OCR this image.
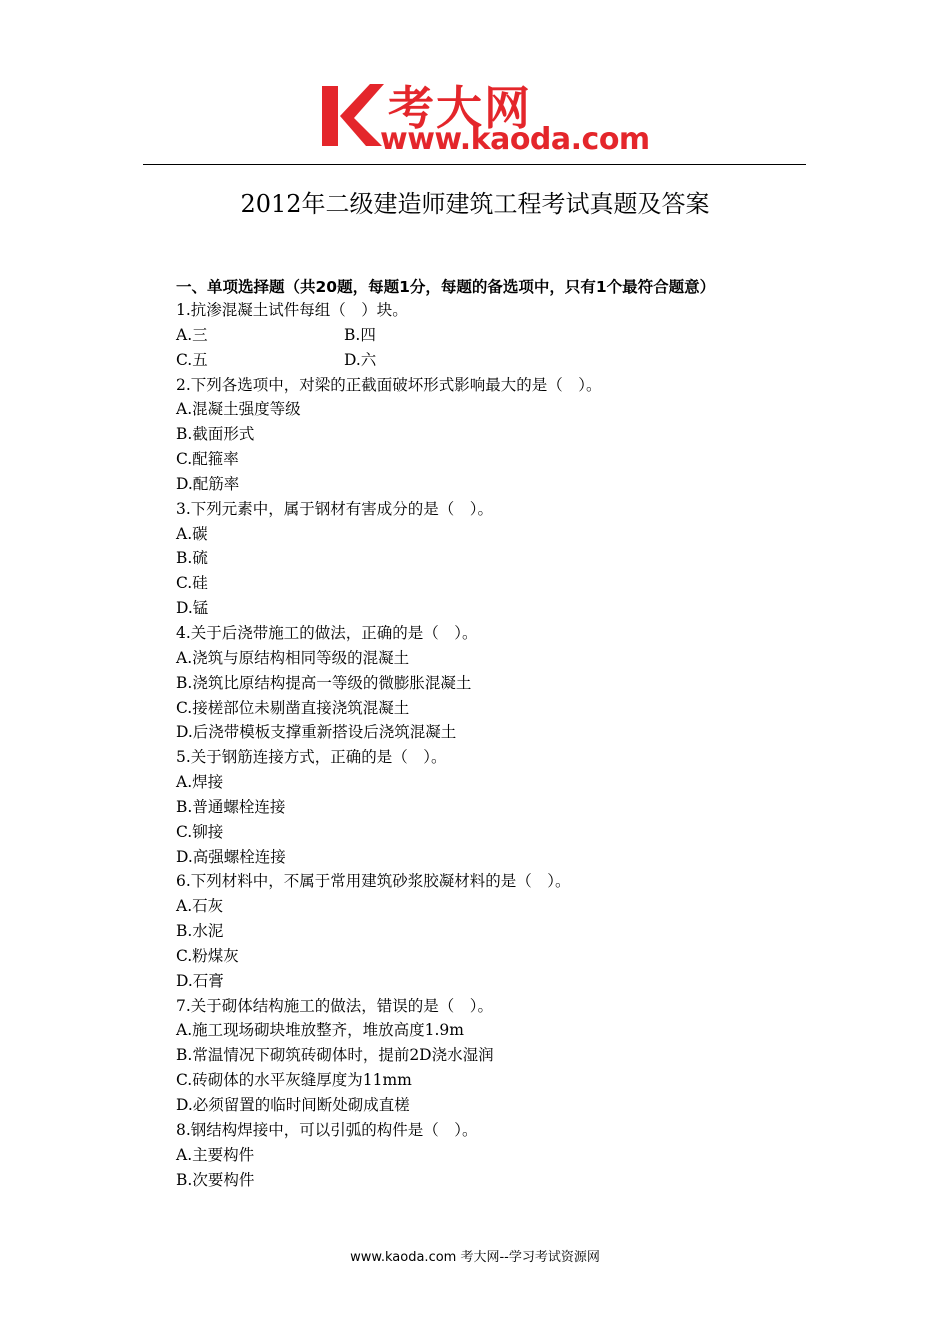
考大网
www.kaoda.com
2012年二级建造师建筑工程考试真题及答案
一、单项选择题（共20题，每题1分，每题的备选项中，只有1个最符合题意）
1.抗渗混凝土试件每组（　）块。
A.三	B.四
C.五	D.六
2.下列各选项中，对梁的正截面破坏形式影响最大的是（　）。
A.混凝土强度等级
B.截面形式
C.配箍率
D.配筋率
3.下列元素中，属于钢材有害成分的是（　）。
A.碳
B.硫
C.硅
D.锰
4.关于后浇带施工的做法，正确的是（　）。
A.浇筑与原结构相同等级的混凝土
B.浇筑比原结构提高一等级的微膨胀混凝土
C.接槎部位未剔凿直接浇筑混凝土
D.后浇带模板支撑重新搭设后浇筑混凝土
5.关于钢筋连接方式，正确的是（　）。
A.焊接
B.普通螺栓连接
C.铆接
D.高强螺栓连接
6.下列材料中，不属于常用建筑砂浆胶凝材料的是（　）。
A.石灰
B.水泥
C.粉煤灰
D.石膏
7.关于砌体结构施工的做法，错误的是（　）。
A.施工现场砌块堆放整齐，堆放高度1.9m
B.常温情况下砌筑砖砌体时，提前2D浇水湿润
C.砖砌体的水平灰缝厚度为11mm
D.必须留置的临时间断处砌成直槎
8.钢结构焊接中，可以引弧的构件是（　）。
A.主要构件
B.次要构件
www.kaoda.com 考大网--学习考试资源网
